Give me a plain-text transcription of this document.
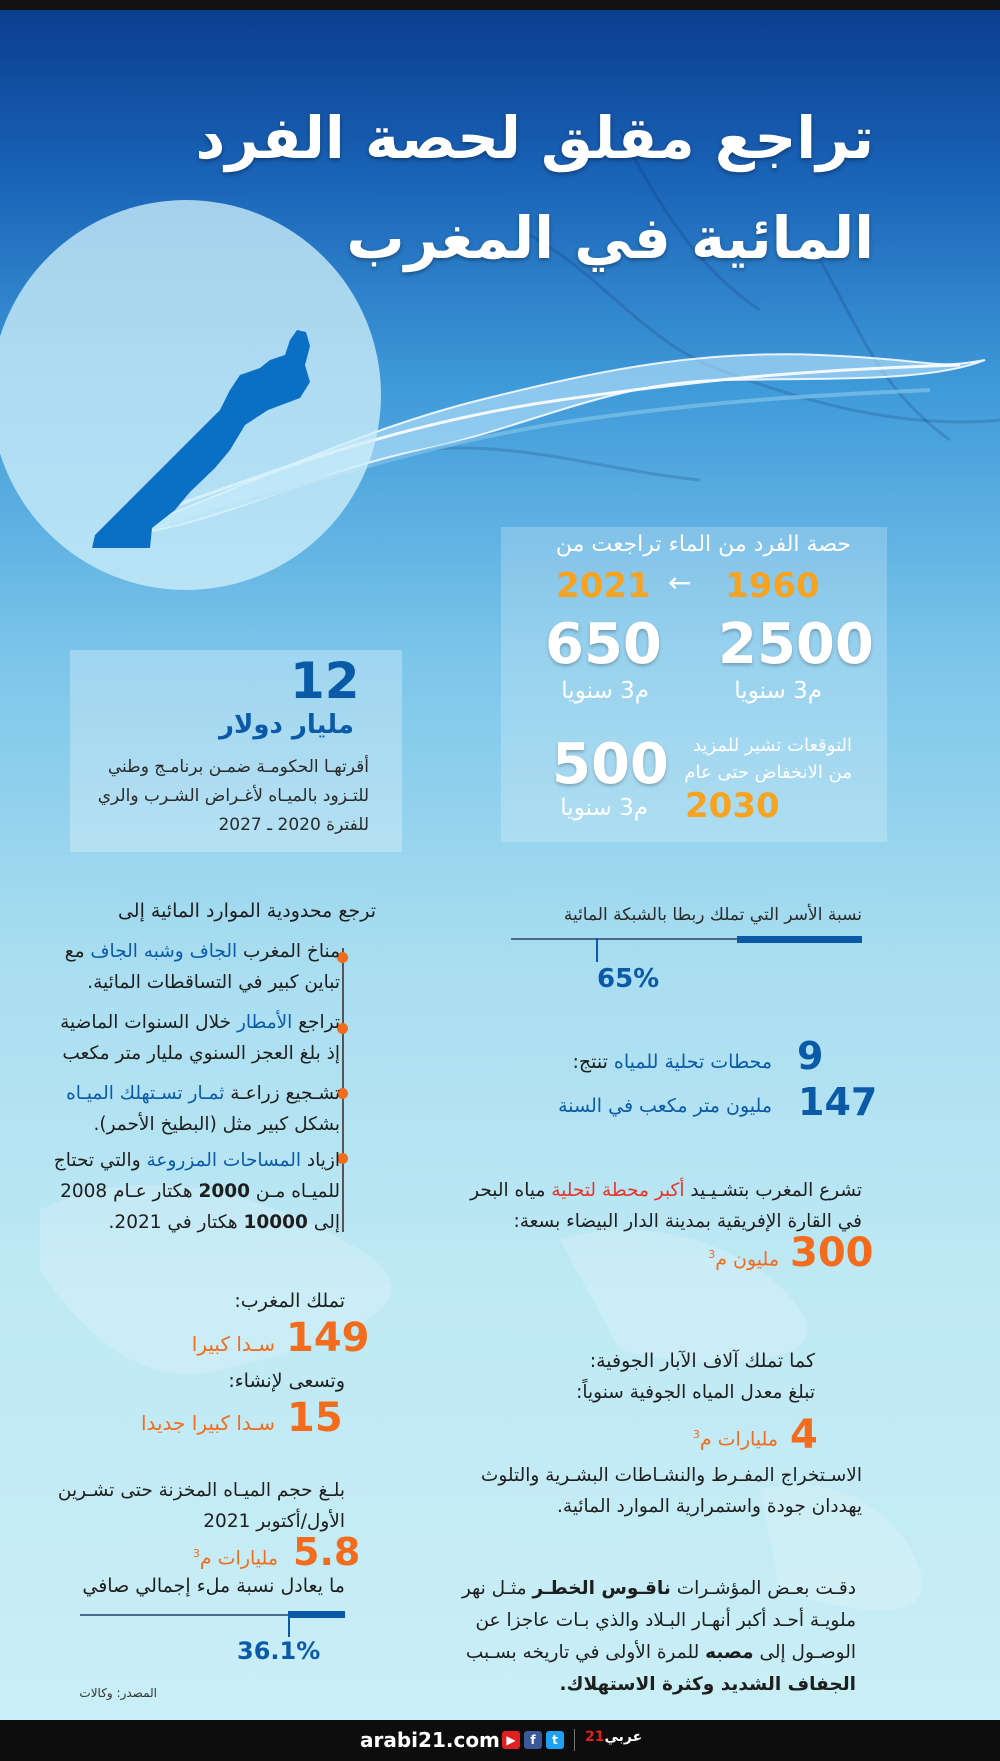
تراجع مقلق لحصة الفرد
المائية في المغرب
حصة الفرد من الماء تراجعت من
1960
←
2021
2500
650
م3 سنويا
م3 سنويا
التوقعات تشير للمزيد
من الانخفاض حتى عام
2030
500
م3 سنويا
12
مليار دولار
أقرتهـا الحكومـة ضمـن برنامـج وطني
للتـزود بالميـاه لأغـراض الشـرب والري
للفترة 2020 ـ 2027
ترجع محدودية الموارد المائية إلى
مناخ المغرب الجاف وشبه الجاف مع
تباين كبير في التساقطات المائية.
تراجع الأمطار خلال السنوات الماضية
إذ بلغ العجز السنوي مليار متر مكعب
تشـجيع زراعـة ثمـار تسـتهلك الميـاه
بشكل كبير مثل (البطيخ الأحمر).
ازياد المساحات المزروعة والتي تحتاج
للميـاه مـن 2000 هكتار عـام 2008
إلى 10000 هكتار في 2021.
نسبة الأسر التي تملك ربطا بالشبكة المائية
65%
9
محطات تحلية للمياه تنتج:
147
مليون متر مكعب في السنة
تشرع المغرب بتشـيـيد أكبر محطة لتحلية مياه البحر
في القارة الإفريقية بمدينة الدار البيضاء بسعة:
300
مليون م$^3$
تملك المغرب:
149
سـدا كبيرا
وتسعى لإنشاء:
15
سـدا كبيرا جديدا
بلـغ حجم الميـاه المخزنة حتى تشـرين
الأول/أكتوبر 2021
5.8
مليارات م$^3$
ما يعادل نسبة ملء إجمالي صافي
36.1%
كما تملك آلاف الآبار الجوفية:
تبلغ معدل المياه الجوفية سنوياً:
4
مليارات م$^3$
الاسـتخراج المفـرط والنشـاطات البشـرية والتلوث
يهددان جودة واستمرارية الموارد المائية.
دقـت بعـض المؤشـرات ناقـوس الخطـر مثـل نهر
ملويـة أحـد أكبر أنهـار البـلاد والذي بـات عاجزا عن
الوصـول إلى مصبه للمرة الأولى في تاريخه بسـبب
الجفاف الشديد وكثرة الاستهلاك.
المصدر: وكالات
arabi21.com ▶	f	t	عربي21
